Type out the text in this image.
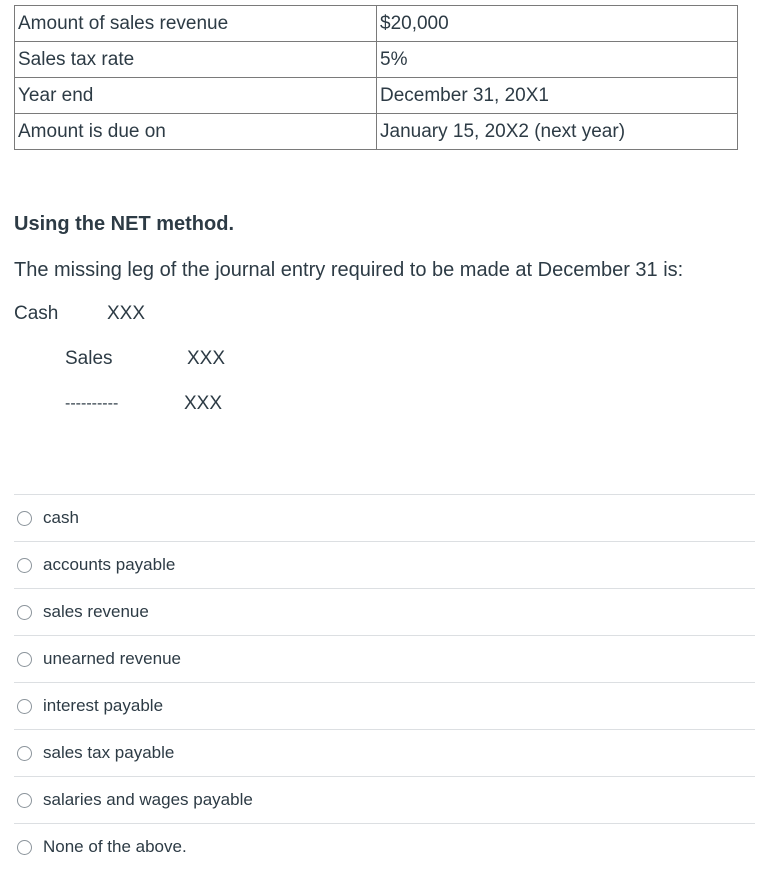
Amount of sales revenue	$20,000
Sales tax rate	5%
Year end	December 31, 20X1
Amount is due on	January 15, 20X2 (next year)
Using the NET method.
The missing leg of the journal entry required to be made at December 31 is:
Cash	XXX
Sales	XXX
----------	XXX
cash
accounts payable
sales revenue
unearned revenue
interest payable
sales tax payable
salaries and wages payable
None of the above.
